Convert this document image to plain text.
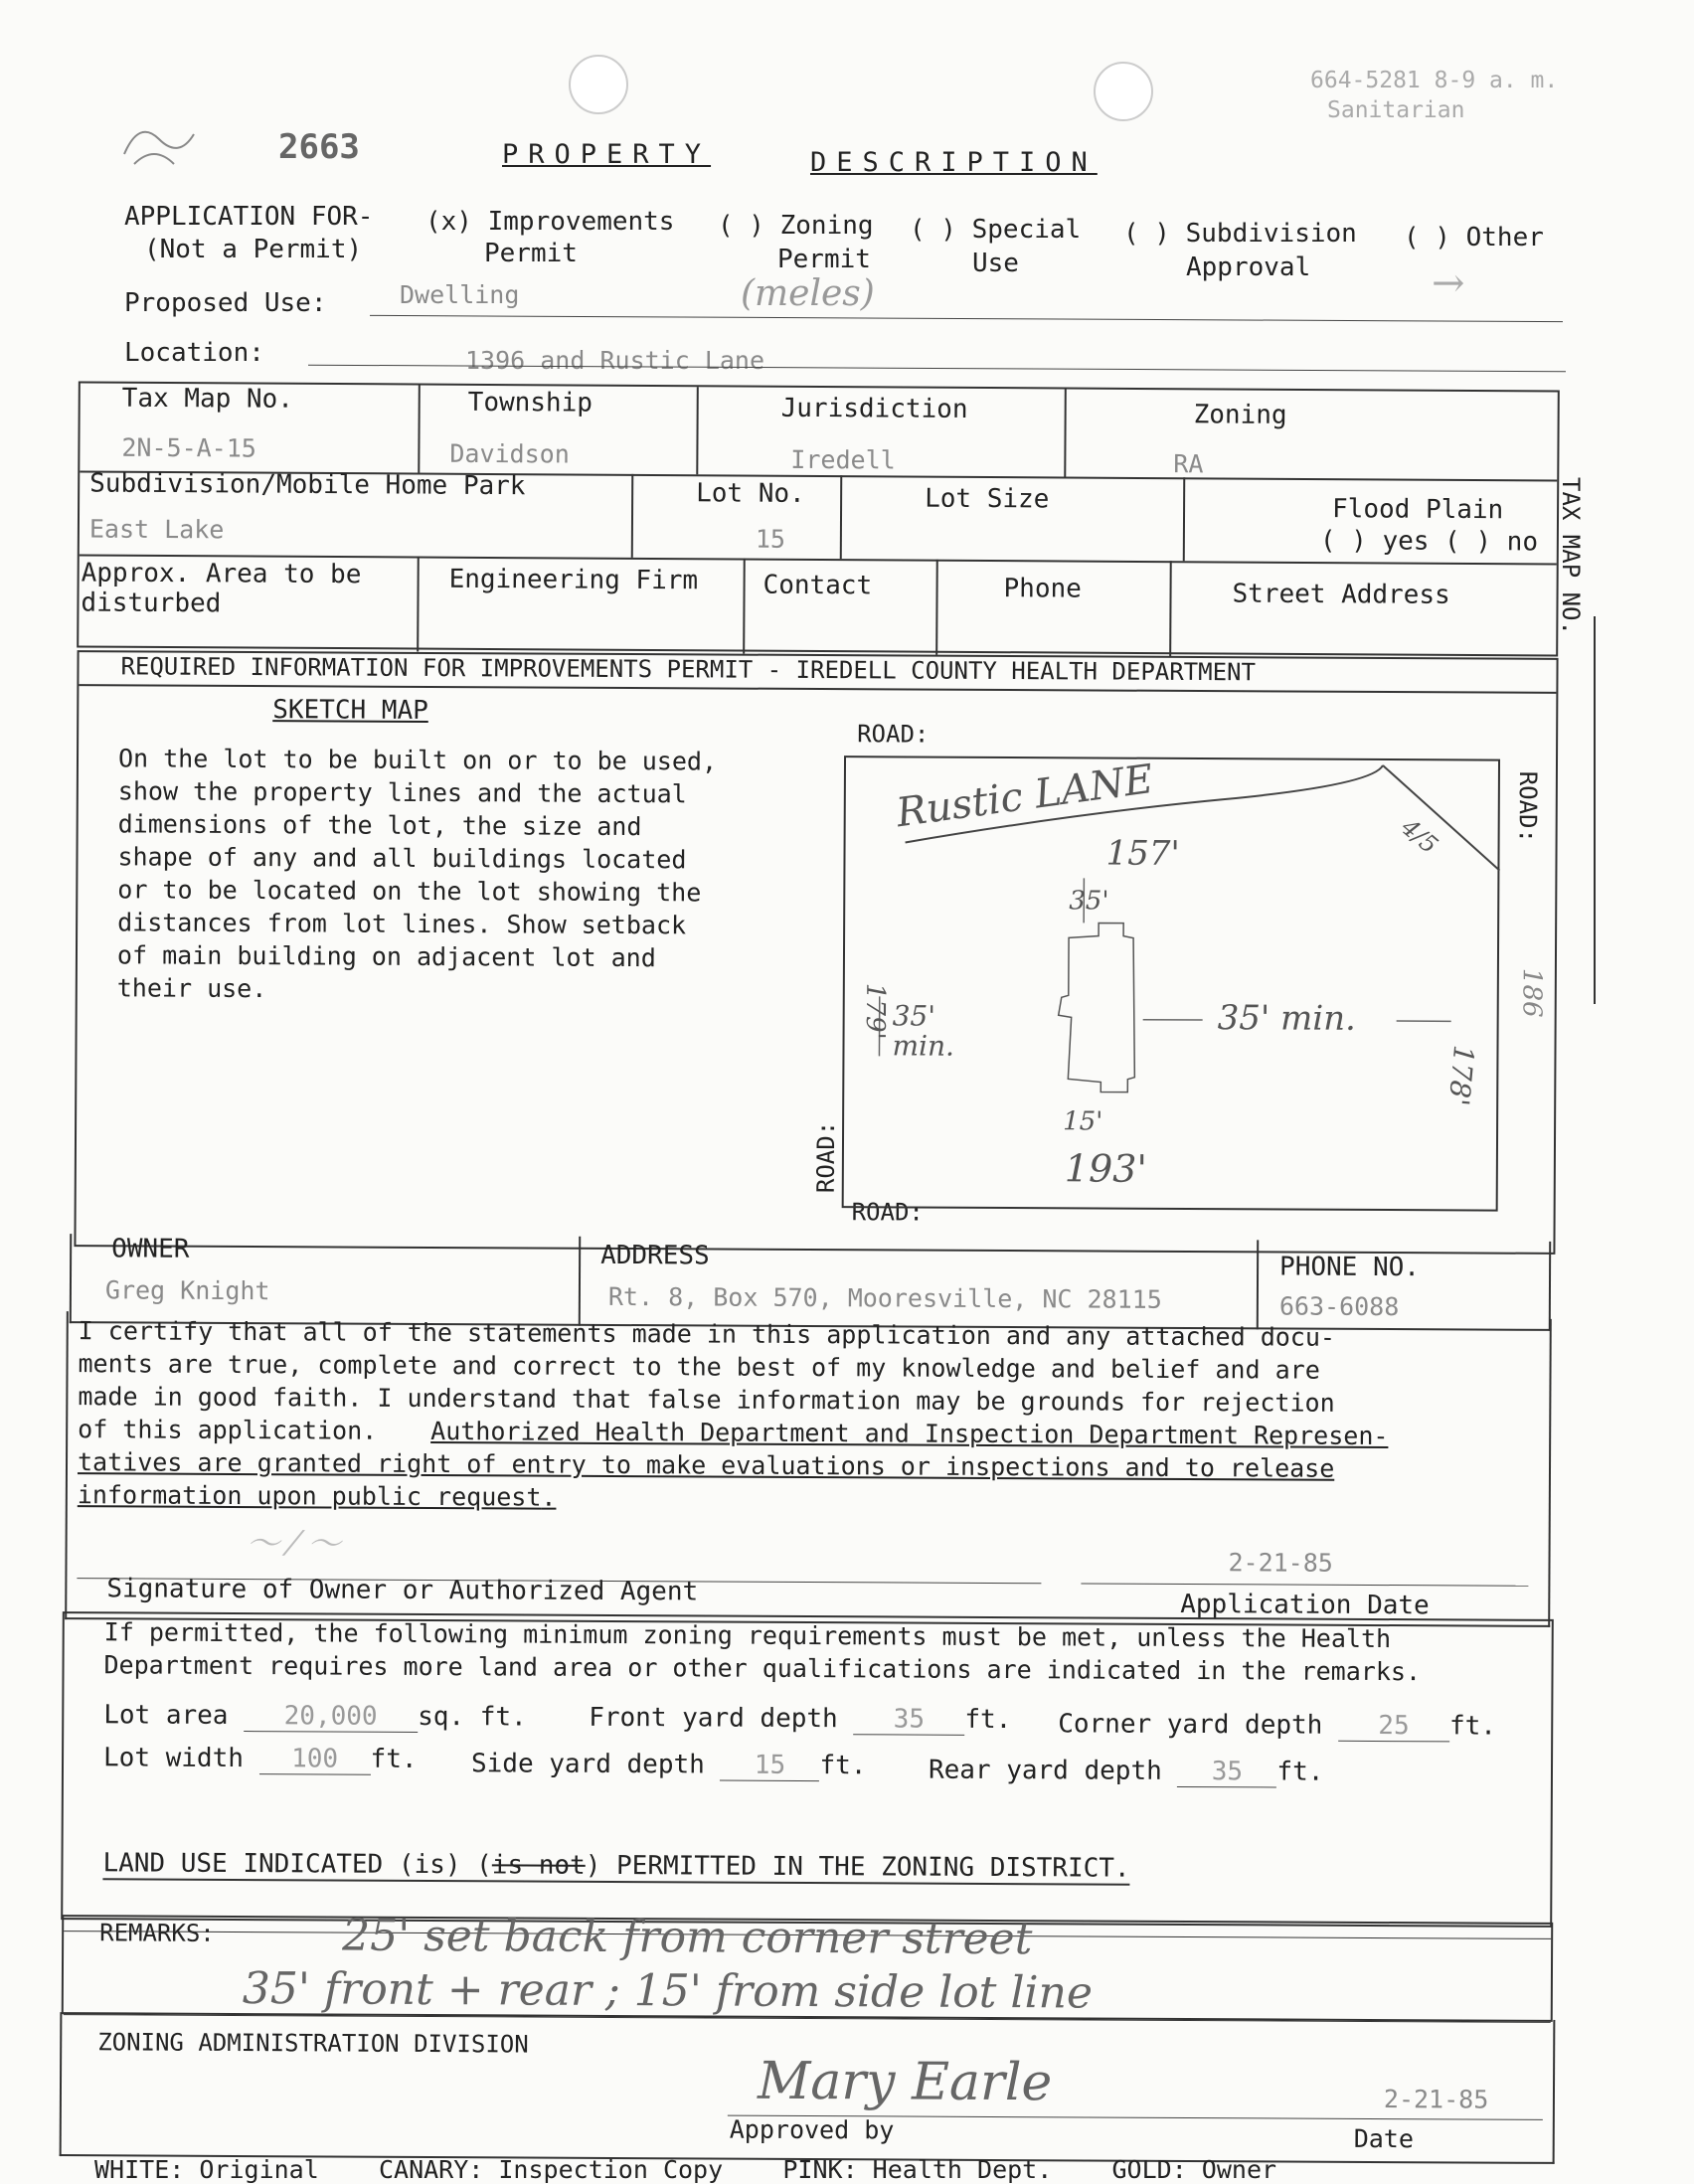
2663	PROPERTY	DESCRIPTION
664-5281 8-9 a. m.
Sanitarian
APPLICATION FOR-
(Not a Permit)
(x) Improvements
Permit
( ) Zoning
Permit
( ) Special
Use
( ) Subdivision
Approval
( ) Other
→
Proposed Use:	Dwelling	(meles)
Location:	1396 and Rustic Lane
Tax Map No.
2N-5-A-15
Township
Davidson
Jurisdiction
Iredell
Zoning
RA
Subdivision/Mobile Home Park
East Lake
Lot No.
15
Lot Size	Flood Plain
( ) yes ( ) no
Approx. Area to be
disturbed
Engineering Firm	Contact	Phone	Street Address	TAX MAP NO.
REQUIRED INFORMATION FOR IMPROVEMENTS PERMIT - IREDELL COUNTY HEALTH DEPARTMENT
SKETCH MAP

On the lot to be built on or to be used,
show the property lines and the actual
dimensions of the lot, the size and
shape of any and all buildings located
or to be located on the lot showing the
distances from lot lines. Show setback
of main building on adjacent lot and
their use.

ROAD:
ROAD:
ROAD:
ROAD:
Rustic LANE
157'	4/5
35'
35' min.
35' min.
179'
178'
15'
193'
186
OWNER
Greg Knight
ADDRESS
Rt. 8, Box 570, Mooresville, NC 28115
PHONE NO.
663-6088

I certify that all of the statements made in this application and any attached docu-
ments are true, complete and correct to the best of my knowledge and belief and are
made in good faith. I understand that false information may be grounds for rejection
of this application.	Authorized Health Department and Inspection Department Represen-

tatives are granted right of entry to make evaluations or inspections and to release

information upon public request.

〜 ⁄ 〜
Signature of Owner or Authorized Agent
2-21-85
Application Date

If permitted, the following minimum zoning requirements must be met, unless the Health
Department requires more land area or other qualifications are indicated in the remarks.

Lot area 20,000 sq. ft. Front yard depth 35 ft. Corner yard depth 25 ft.
Lot width 100 ft. Side yard depth 15 ft. Rear yard depth 35 ft.
LAND USE INDICATED (is) (is not) PERMITTED IN THE ZONING DISTRICT.
REMARKS:	25' set back from corner street
35' front + rear ; 15' from side lot line
ZONING ADMINISTRATION DIVISION
Mary Earle	2-21-85
Approved by	Date
WHITE: Original    CANARY: Inspection Copy    PINK: Health Dept.    GOLD: Owner
